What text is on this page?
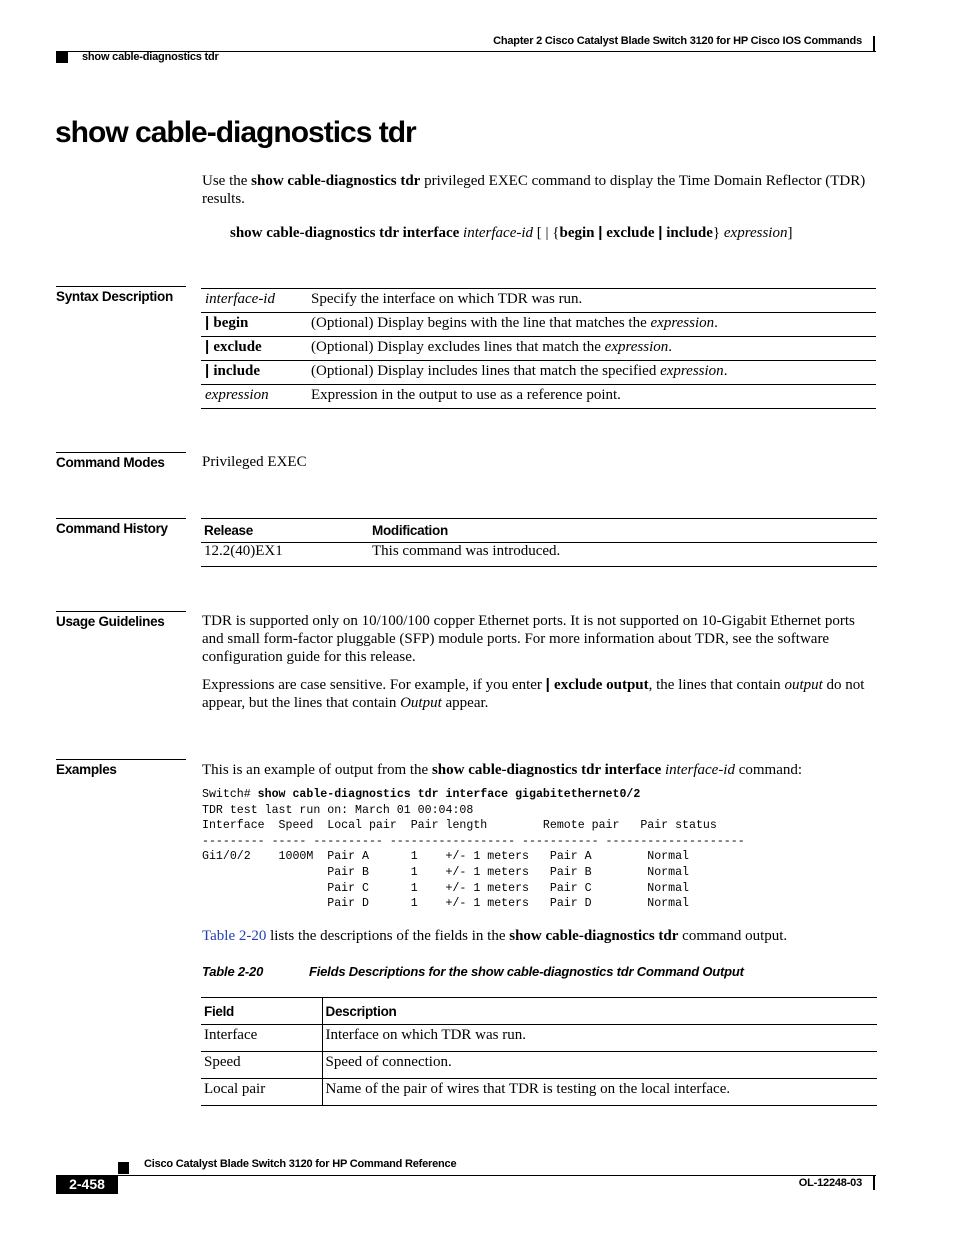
Chapter 2 Cisco Catalyst Blade Switch 3120 for HP Cisco IOS Commands
show cable-diagnostics tdr
show cable-diagnostics tdr
Use the show cable-diagnostics tdr privileged EXEC command to display the Time Domain Reflector (TDR) results.
show cable-diagnostics tdr interface interface-id [ | {begin | exclude | include} expression]
Syntax Description	interface-id	Specify the interface on which TDR was run.
| begin	(Optional) Display begins with the line that matches the expression.
| exclude	(Optional) Display excludes lines that match the expression.
| include	(Optional) Display includes lines that match the specified expression.
expression	Expression in the output to use as a reference point.
Command Modes	Privileged EXEC
Command History	Release	Modification
12.2(40)EX1	This command was introduced.
Usage Guidelines	TDR is supported only on 10/100/100 copper Ethernet ports. It is not supported on 10-Gigabit Ethernet ports and small form-factor pluggable (SFP) module ports. For more information about TDR, see the software configuration guide for this release.
Expressions are case sensitive. For example, if you enter | exclude output, the lines that contain output do not appear, but the lines that contain Output appear.
Examples	This is an example of output from the show cable-diagnostics tdr interface interface-id command:
Switch# show cable-diagnostics tdr interface gigabitethernet0/2
TDR test last run on: March 01 00:04:08
Interface  Speed  Local pair  Pair length        Remote pair   Pair status
--------- ----- ---------- ------------------ ----------- --------------------
Gi1/0/2    1000M  Pair A      1    +/- 1 meters   Pair A        Normal
Pair B      1    +/- 1 meters   Pair B        Normal
Pair C      1    +/- 1 meters   Pair C        Normal
Pair D      1    +/- 1 meters   Pair D        Normal
Table 2-20 lists the descriptions of the fields in the show cable-diagnostics tdr command output.
Table 2-20	Fields Descriptions for the show cable-diagnostics tdr Command Output
Field	Description
Interface	Interface on which TDR was run.
Speed	Speed of connection.
Local pair	Name of the pair of wires that TDR is testing on the local interface.
Cisco Catalyst Blade Switch 3120 for HP Command Reference
2-458	OL-12248-03
